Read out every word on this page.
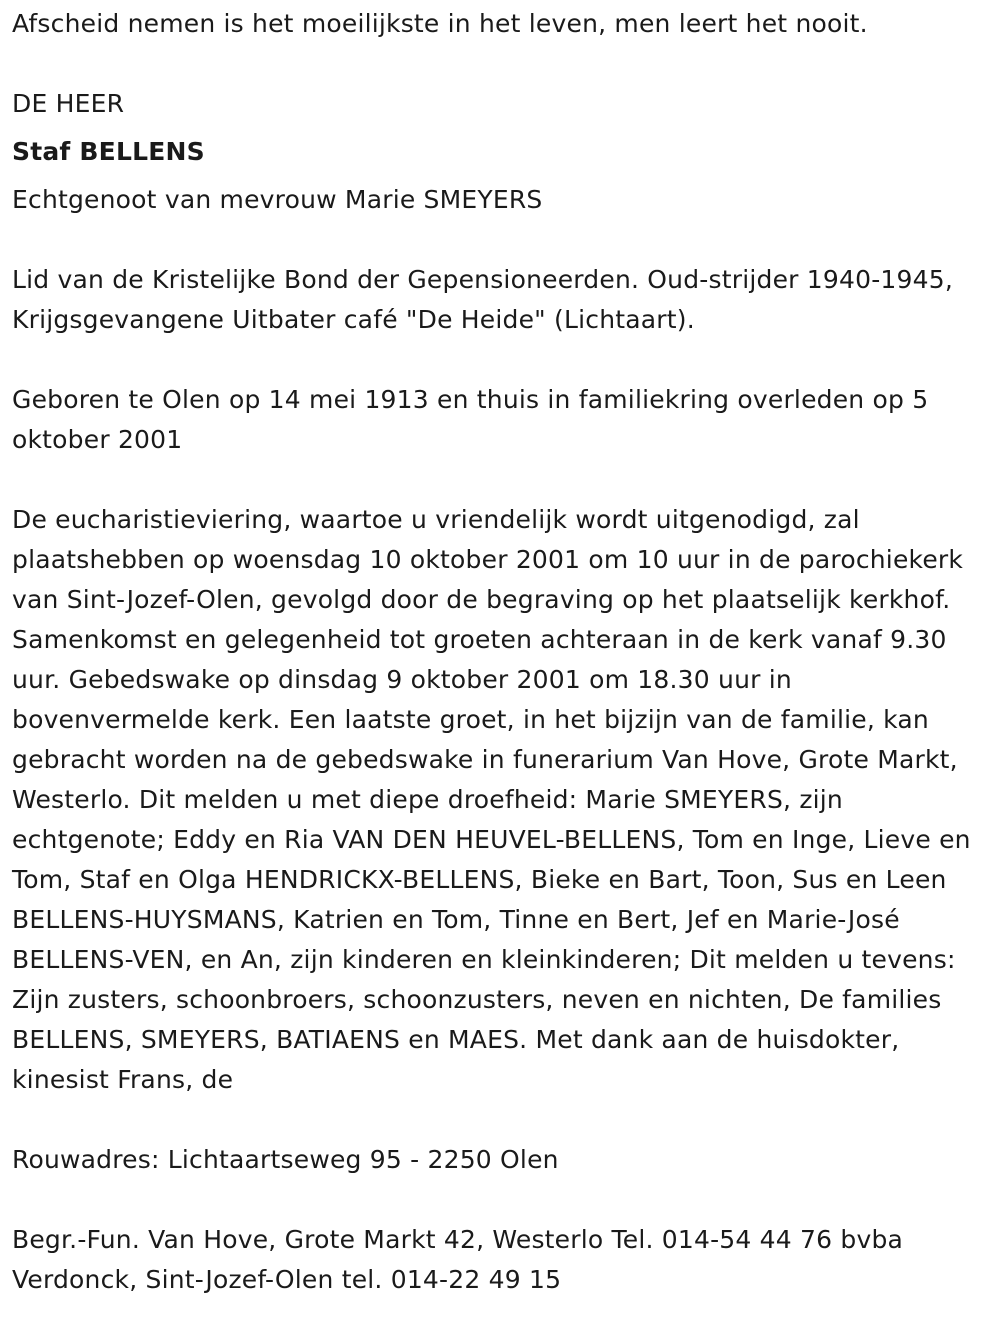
Afscheid nemen is het moeilijkste in het leven, men leert het nooit.

DE HEER

Staf BELLENS

Echtgenoot van mevrouw Marie SMEYERS

Lid van de Kristelijke Bond der Gepensioneerden. Oud-strijder 1940-1945, Krijgsgevangene Uitbater café "De Heide" (Lichtaart).

Geboren te Olen op 14 mei 1913 en thuis in familiekring overleden op 5 oktober 2001

De eucharistieviering, waartoe u vriendelijk wordt uitgenodigd, zal plaatshebben op woensdag 10 oktober 2001 om 10 uur in de parochiekerk van Sint-Jozef-Olen, gevolgd door de begraving op het plaatselijk kerkhof. Samenkomst en gelegenheid tot groeten achteraan in de kerk vanaf 9.30 uur. Gebedswake op dinsdag 9 oktober 2001 om 18.30 uur in bovenvermelde kerk. Een laatste groet, in het bijzijn van de familie, kan gebracht worden na de gebedswake in funerarium Van Hove, Grote Markt, Westerlo. Dit melden u met diepe droefheid: Marie SMEYERS, zijn echtgenote; Eddy en Ria VAN DEN HEUVEL-BELLENS, Tom en Inge, Lieve en Tom, Staf en Olga HENDRICKX-BELLENS, Bieke en Bart, Toon, Sus en Leen BELLENS-HUYSMANS, Katrien en Tom, Tinne en Bert, Jef en Marie-José BELLENS-VEN, en An, zijn kinderen en kleinkinderen; Dit melden u tevens: Zijn zusters, schoonbroers, schoonzusters, neven en nichten, De families BELLENS, SMEYERS, BATIAENS en MAES. Met dank aan de huisdokter, kinesist Frans, de

Rouwadres: Lichtaartseweg 95 - 2250 Olen

Begr.-Fun. Van Hove, Grote Markt 42, Westerlo Tel. 014-54 44 76 bvba Verdonck, Sint-Jozef-Olen tel. 014-22 49 15
